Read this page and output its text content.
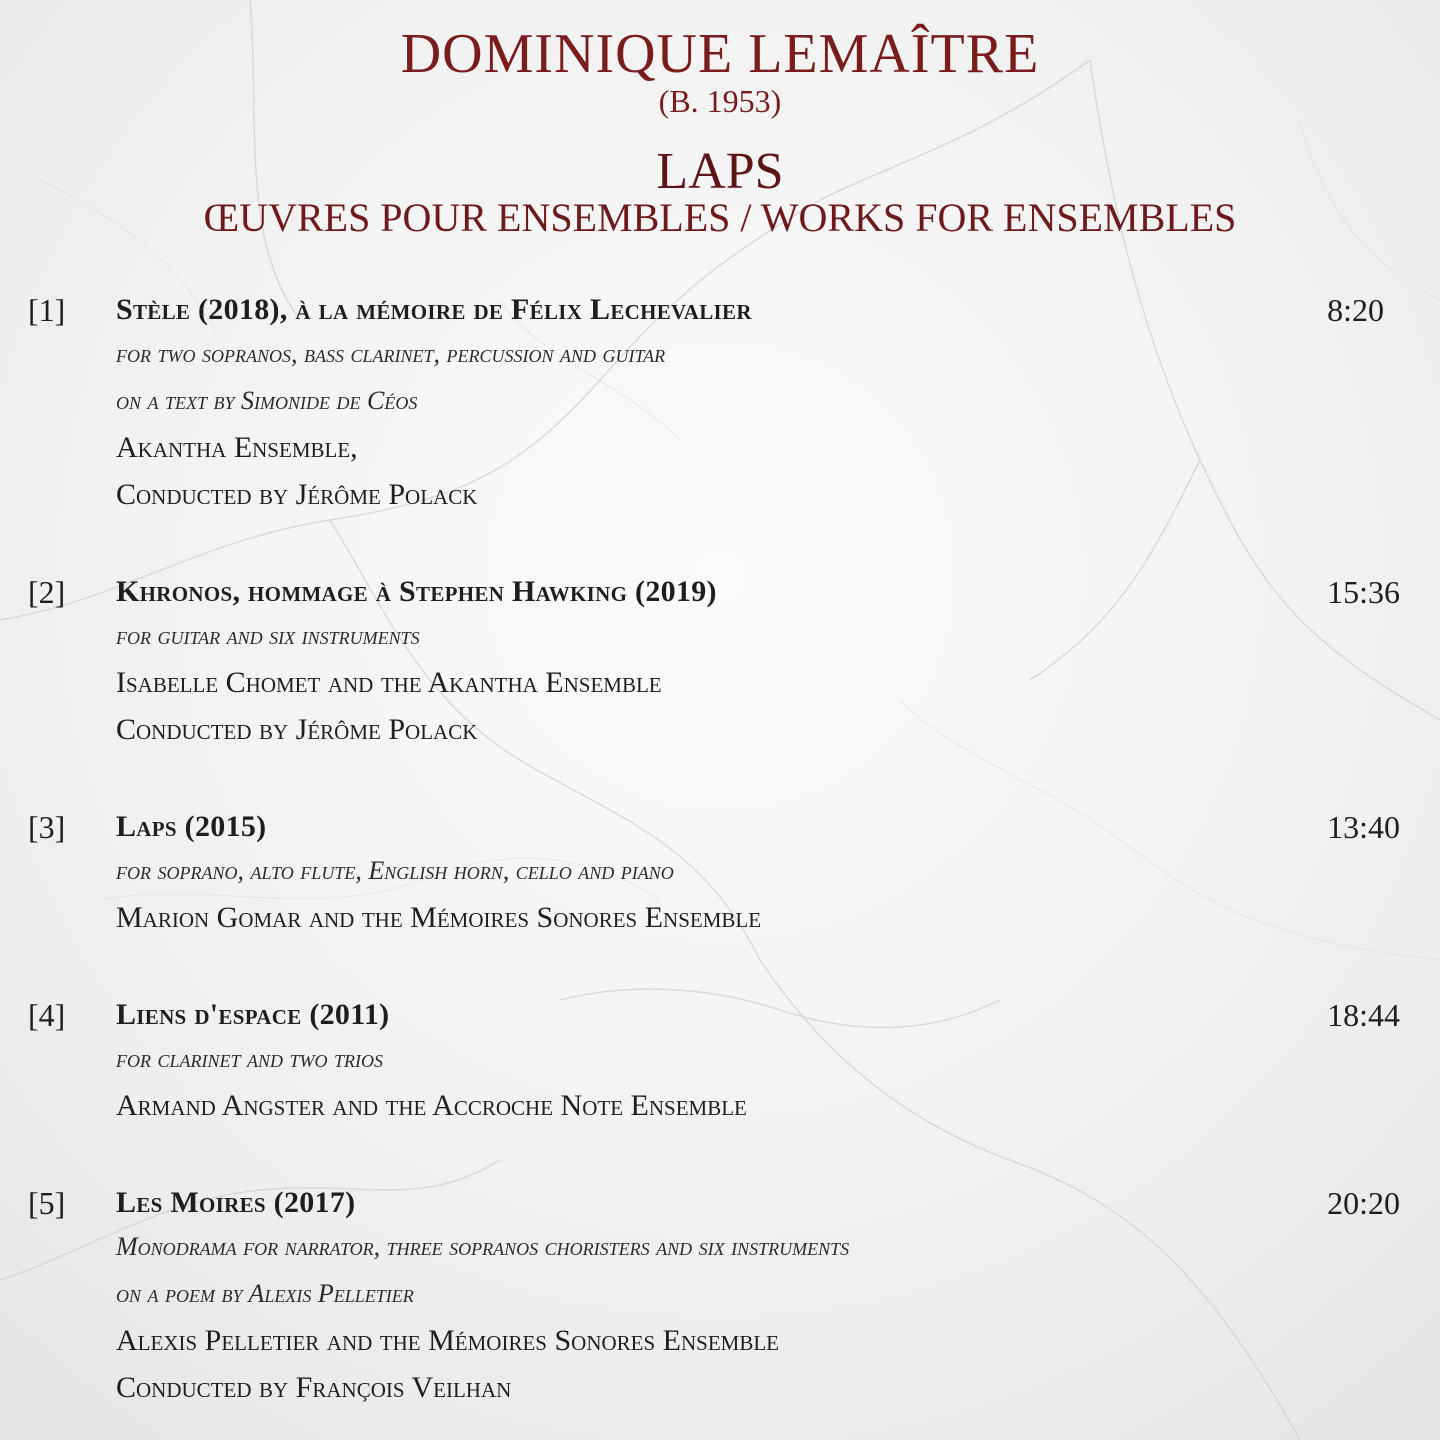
DOMINIQUE LEMAÎTRE
(B. 1953)
LAPS
ŒUVRES POUR ENSEMBLES / WORKS FOR ENSEMBLES
[1] Stèle (2018), à la mémoire de Félix Lechevalier
for two sopranos, bass clarinet, percussion and guitar
on a text by Simonide de Céos
Akantha Ensemble,
Conducted by Jérôme Polack
8:20
[2] Khronos, hommage à Stephen Hawking (2019)
for guitar and six instruments
Isabelle Chomet and the Akantha Ensemble
Conducted by Jérôme Polack
15:36
[3] Laps (2015)
for soprano, alto flute, English horn, cello and piano
Marion Gomar and the Mémoires Sonores Ensemble
13:40
[4] Liens d'espace (2011)
for clarinet and two trios
Armand Angster and the Accroche Note Ensemble
18:44
[5] Les Moires (2017)
Monodrama for narrator, three sopranos choristers and six instruments
on a poem by Alexis Pelletier
Alexis Pelletier and the Mémoires Sonores Ensemble
Conducted by François Veilhan
20:20
